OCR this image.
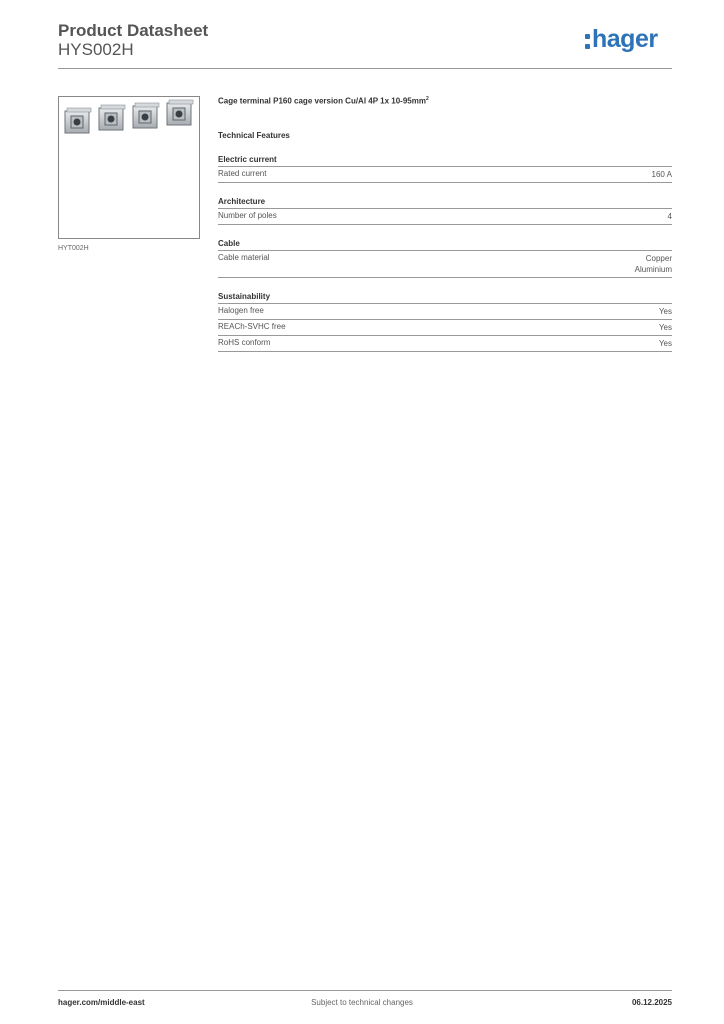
Product Datasheet
HYS002H	hager
HYT002H
Cage terminal P160 cage version Cu/Al 4P 1x $10-95mm^2$
Technical Features
Electric current
Rated current	160 A
Architecture
Number of poles	4
Cable
Cable material	Copper
Aluminium
Sustainability
Halogen free	Yes
REACh-SVHC free	Yes
RoHS conform	Yes
hager.com/middle-east	Subject to technical changes	06.12.2025
